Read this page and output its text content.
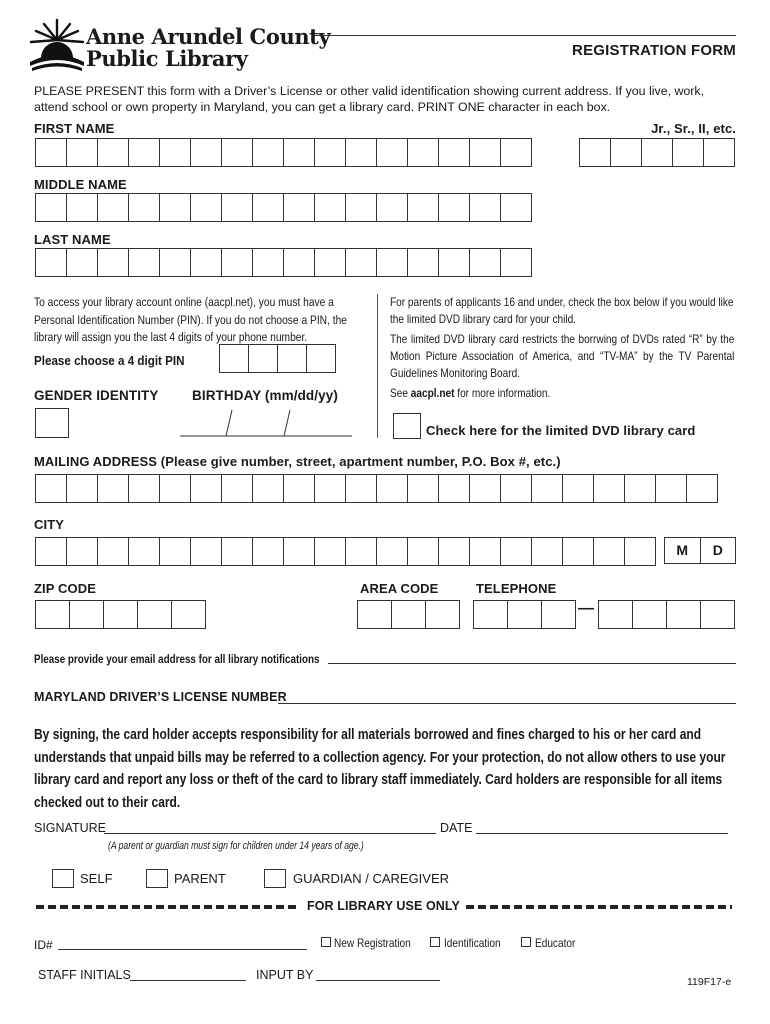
Anne Arundel County
Public Library	REGISTRATION FORM
PLEASE PRESENT this form with a Driver’s License or other valid identification showing current address. If you live, work, attend school or own property in Maryland, you can get a library card. PRINT ONE character in each box.
FIRST NAME	Jr., Sr., II, etc.
MIDDLE NAME
LAST NAME
To access your library account online (aacpl.net), you must have a Personal Identification Number (PIN). If you do not choose a PIN, the library will assign you the last 4 digits of your phone number.
Please choose a 4 digit PIN
For parents of applicants 16 and under, check the box below if you would like the limited DVD library card for your child.
The limited DVD library card restricts the borrwing of DVDs rated “R” by the Motion Picture Association of America, and “TV-MA” by the TV Parental Guidelines Monitoring Board.
See aacpl.net for more information.
GENDER IDENTITY BIRTHDAY (mm/dd/yy)
Check here for the limited DVD library card
MAILING ADDRESS (Please give number, street, apartment number, P.O. Box #, etc.)
CITY
M	D
ZIP CODE	AREA CODE	TELEPHONE
—
Please provide your email address for all library notifications
MARYLAND DRIVER’S LICENSE NUMBER
By signing, the card holder accepts responsibility for all materials borrowed and fines charged to his or her card and understands that unpaid bills may be referred to a collection agency. For your protection, do not allow others to use your library card and report any loss or theft of the card to library staff immediately. Card holders are responsible for all items checked out to their card.
SIGNATURE	DATE
(A parent or guardian must sign for children under 14 years of age.)
SELF	PARENT	GUARDIAN / CAREGIVER
FOR LIBRARY USE ONLY
ID#	New Registration	Identification	Educator
STAFF INITIALS	INPUT BY	119F17-e
